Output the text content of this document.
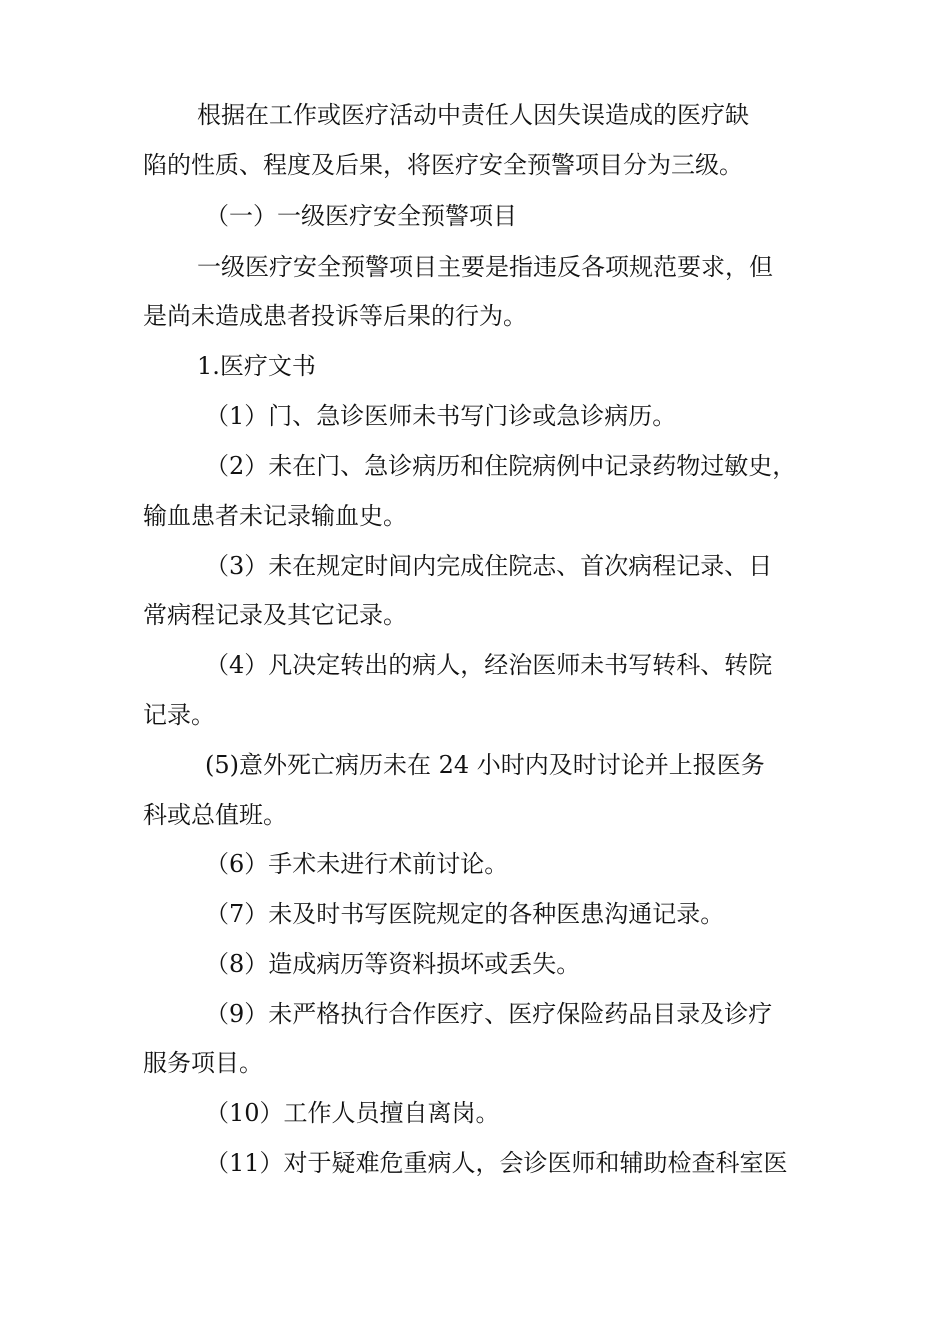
根据在工作或医疗活动中责任人因失误造成的医疗缺
陷的性质、程度及后果，将医疗安全预警项目分为三级。
（一）一级医疗安全预警项目
一级医疗安全预警项目主要是指违反各项规范要求，但
是尚未造成患者投诉等后果的行为。
1.医疗文书
（1）门、急诊医师未书写门诊或急诊病历。
（2）未在门、急诊病历和住院病例中记录药物过敏史，
输血患者未记录输血史。
（3）未在规定时间内完成住院志、首次病程记录、日
常病程记录及其它记录。
（4）凡决定转出的病人，经治医师未书写转科、转院
记录。
(5)意外死亡病历未在 24 小时内及时讨论并上报医务
科或总值班。
（6）手术未进行术前讨论。
（7）未及时书写医院规定的各种医患沟通记录。
（8）造成病历等资料损坏或丢失。
（9）未严格执行合作医疗、医疗保险药品目录及诊疗
服务项目。
（10）工作人员擅自离岗。
（11）对于疑难危重病人，会诊医师和辅助检查科室医
